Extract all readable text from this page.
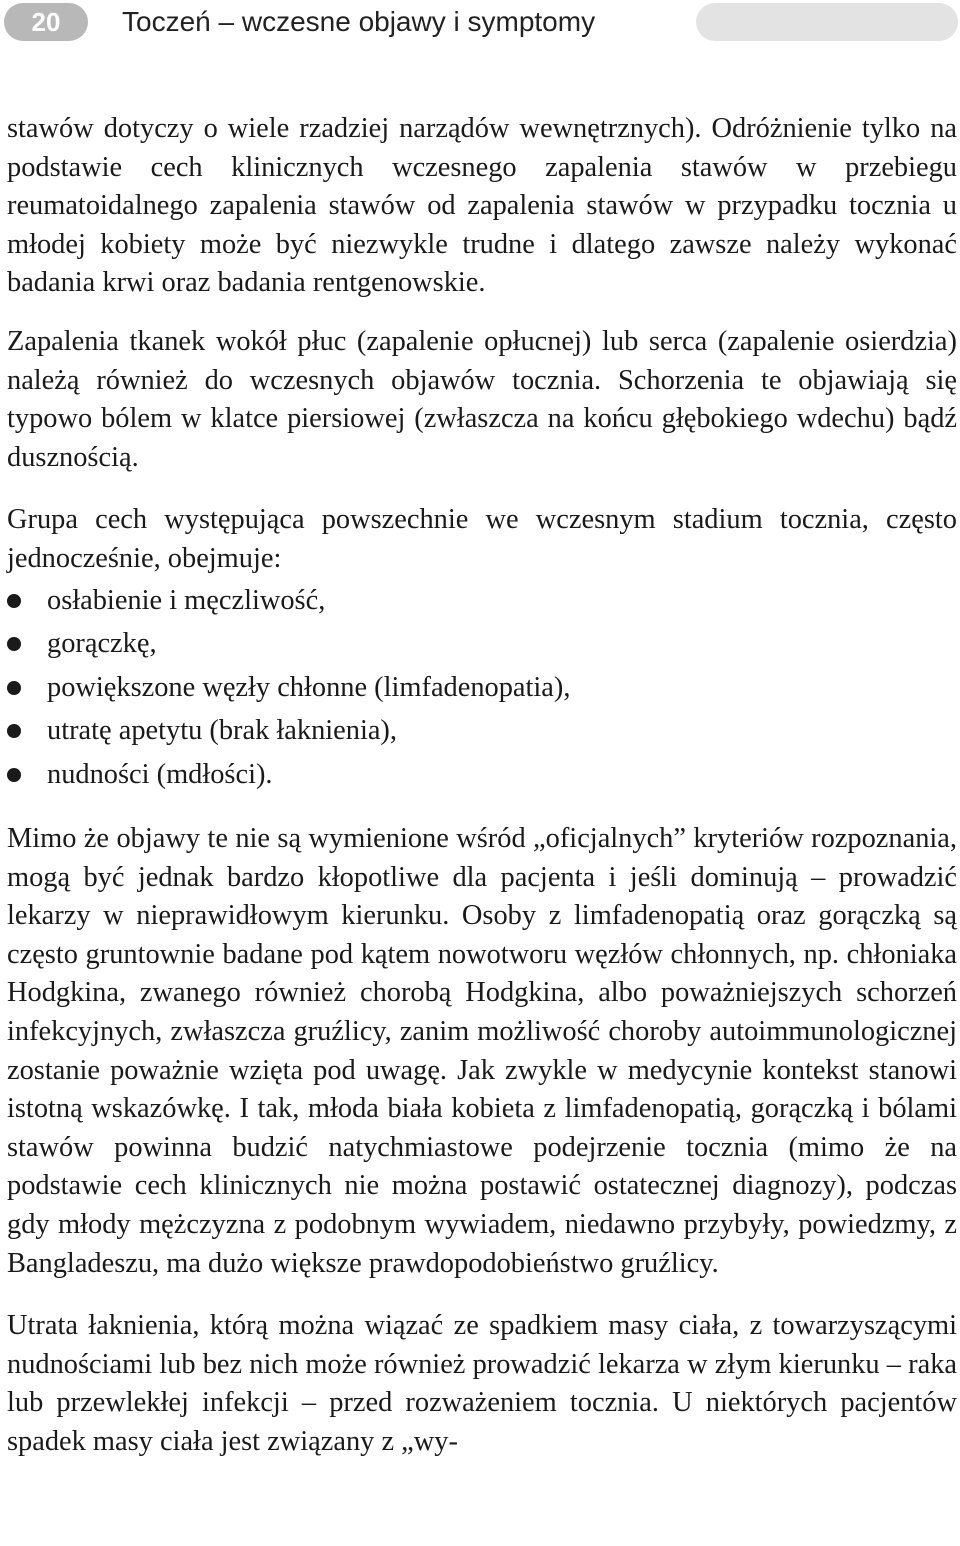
20	Toczeń – wczesne objawy i symptomy

stawów dotyczy o wiele rzadziej narządów wewnętrznych). Odróżnienie tylko na podstawie cech klinicznych wczesnego zapalenia stawów w przebiegu reumatoidalnego zapalenia stawów od zapalenia stawów w przypadku tocznia u młodej kobiety może być niezwykle trudne i dlatego zawsze należy wykonać badania krwi oraz badania rentgenowskie.

Zapalenia tkanek wokół płuc (zapalenie opłucnej) lub serca (zapalenie osierdzia) należą również do wczesnych objawów tocznia. Schorzenia te objawiają się typowo bólem w klatce piersiowej (zwłaszcza na końcu głębokiego wdechu) bądź dusznością.

Grupa cech występująca powszechnie we wczesnym stadium tocznia, często jednocześnie, obejmuje:

osłabienie i męczliwość,
gorączkę,
powiększone węzły chłonne (limfadenopatia),
utratę apetytu (brak łaknienia),
nudności (mdłości).

Mimo że objawy te nie są wymienione wśród „oficjalnych” kryteriów rozpoznania, mogą być jednak bardzo kłopotliwe dla pacjenta i jeśli dominują – prowadzić lekarzy w nieprawidłowym kierunku. Osoby z limfadenopatią oraz gorączką są często gruntownie badane pod kątem nowotworu węzłów chłonnych, np. chłoniaka Hodgkina, zwanego również chorobą Hodgkina, albo poważniejszych schorzeń infekcyjnych, zwłaszcza gruźlicy, zanim możliwość choroby autoimmunologicznej zostanie poważnie wzięta pod uwagę. Jak zwykle w medycynie kontekst stanowi istotną wskazówkę. I tak, młoda biała kobieta z limfadenopatią, gorączką i bólami stawów powinna budzić natychmiastowe podejrzenie tocznia (mimo że na podstawie cech klinicznych nie można postawić ostatecznej diagnozy), podczas gdy młody mężczyzna z podobnym wywiadem, niedawno przybyły, powiedzmy, z Bangladeszu, ma dużo większe prawdopodobieństwo gruźlicy.

Utrata łaknienia, którą można wiązać ze spadkiem masy ciała, z towarzyszącymi nudnościami lub bez nich może również prowadzić lekarza w złym kierunku – raka lub przewlekłej infekcji – przed rozważeniem tocznia. U niektórych pacjentów spadek masy ciała jest związany z „wy-
